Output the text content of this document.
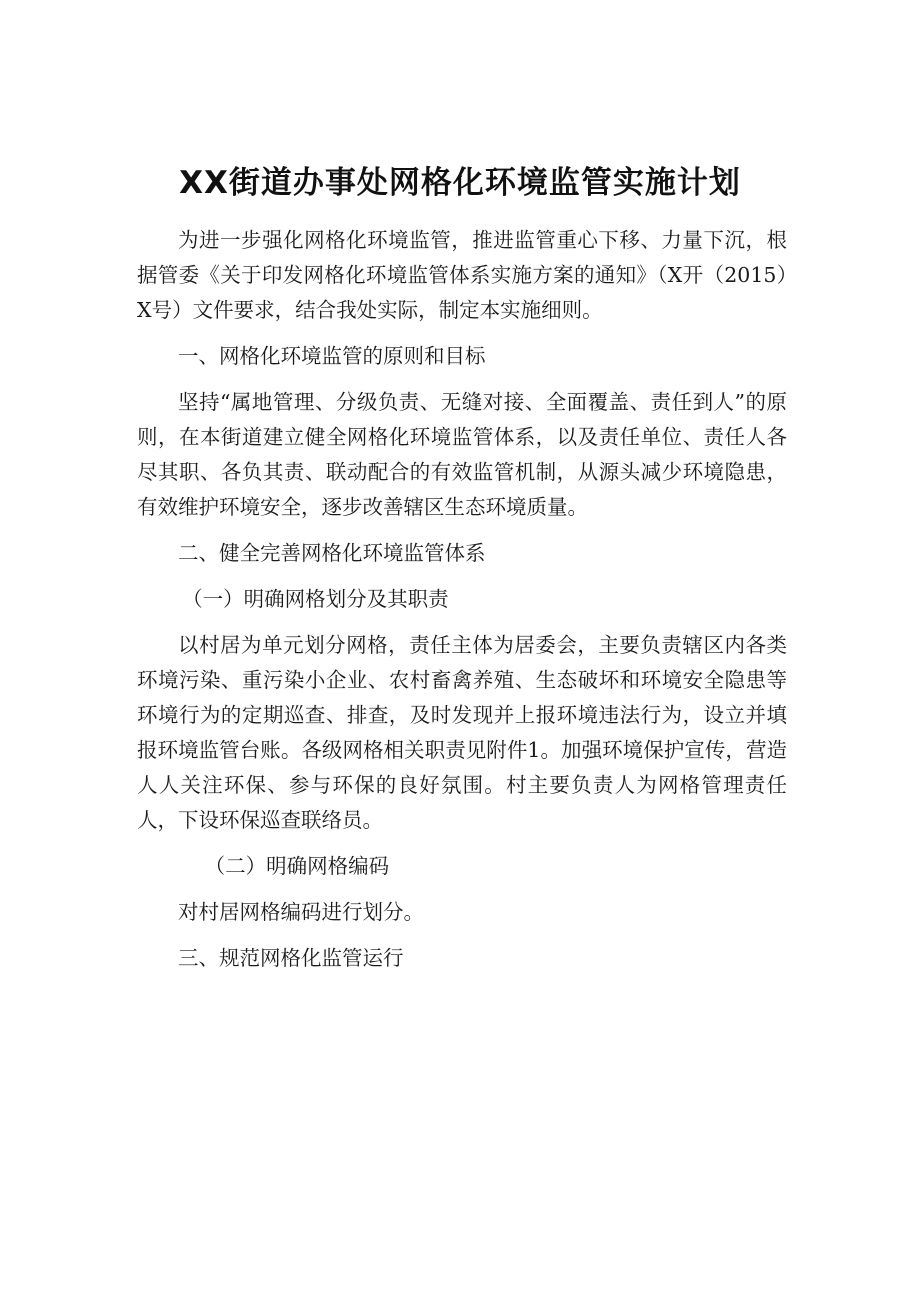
XX街道办事处网格化环境监管实施计划

为进一步强化网格化环境监管，推进监管重心下移、力量下沉，根据管委《关于印发网格化环境监管体系实施方案的通知》（X开（2015）X号）文件要求，结合我处实际，制定本实施细则。

一、网格化环境监管的原则和目标

坚持“属地管理、分级负责、无缝对接、全面覆盖、责任到人”的原则，在本街道建立健全网格化环境监管体系，以及责任单位、责任人各尽其职、各负其责、联动配合的有效监管机制，从源头减少环境隐患，有效维护环境安全，逐步改善辖区生态环境质量。

二、健全完善网格化环境监管体系

（一）明确网格划分及其职责

以村居为单元划分网格，责任主体为居委会，主要负责辖区内各类环境污染、重污染小企业、农村畜禽养殖、生态破坏和环境安全隐患等环境行为的定期巡查、排查，及时发现并上报环境违法行为，设立并填报环境监管台账。各级网格相关职责见附件1。加强环境保护宣传，营造人人关注环保、参与环保的良好氛围。村主要负责人为网格管理责任人，下设环保巡查联络员。

（二）明确网格编码

对村居网格编码进行划分。

三、规范网格化监管运行
